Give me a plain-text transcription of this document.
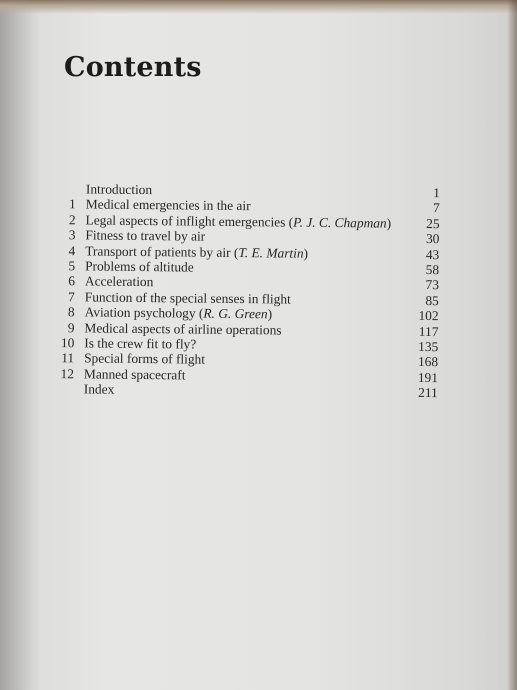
Contents
Introduction	1
1 Medical emergencies in the air	7
2 Legal aspects of inflight emergencies (P. J. C. Chapman)	25
3 Fitness to travel by air	30
4 Transport of patients by air (T. E. Martin)	43
5 Problems of altitude	58
6 Acceleration	73
7 Function of the special senses in flight	85
8 Aviation psychology (R. G. Green)	102
9 Medical aspects of airline operations	117
10 Is the crew fit to fly?	135
11 Special forms of flight	168
12 Manned spacecraft	191
Index	211
